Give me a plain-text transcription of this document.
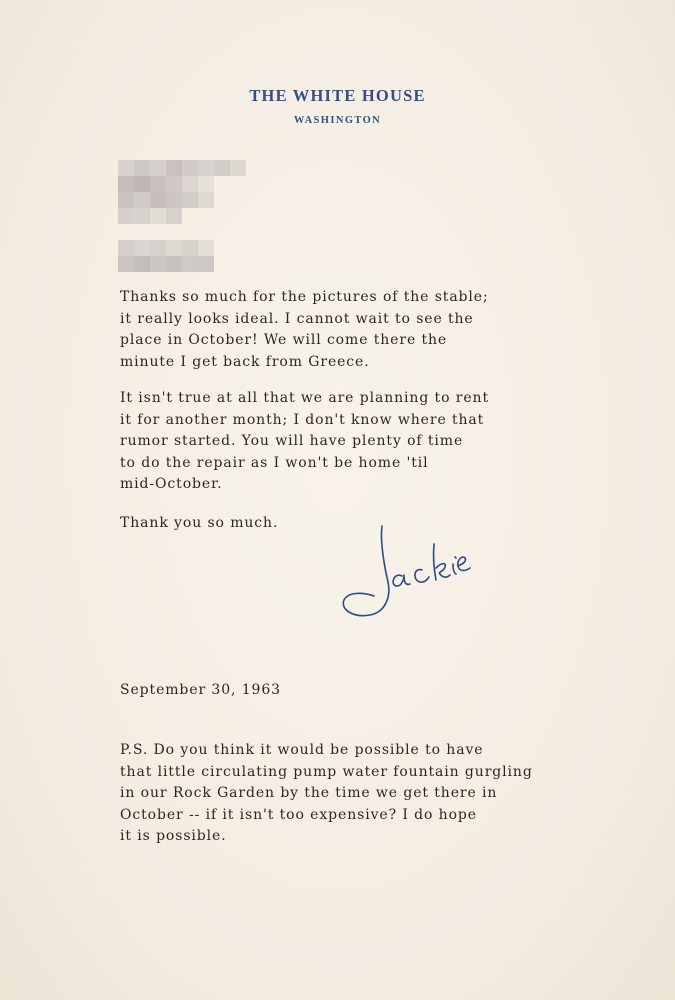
THE WHITE HOUSE
WASHINGTON
Thanks so much for the pictures of the stable;
it really looks ideal. I cannot wait to see the
place in October! We will come there the
minute I get back from Greece.
It isn't true at all that we are planning to rent
it for another month; I don't know where that
rumor started. You will have plenty of time
to do the repair as I won't be home 'til
mid-October.
Thank you so much.
September 30, 1963
P.S. Do you think it would be possible to have
that little circulating pump water fountain gurgling
in our Rock Garden by the time we get there in
October -- if it isn't too expensive? I do hope
it is possible.
